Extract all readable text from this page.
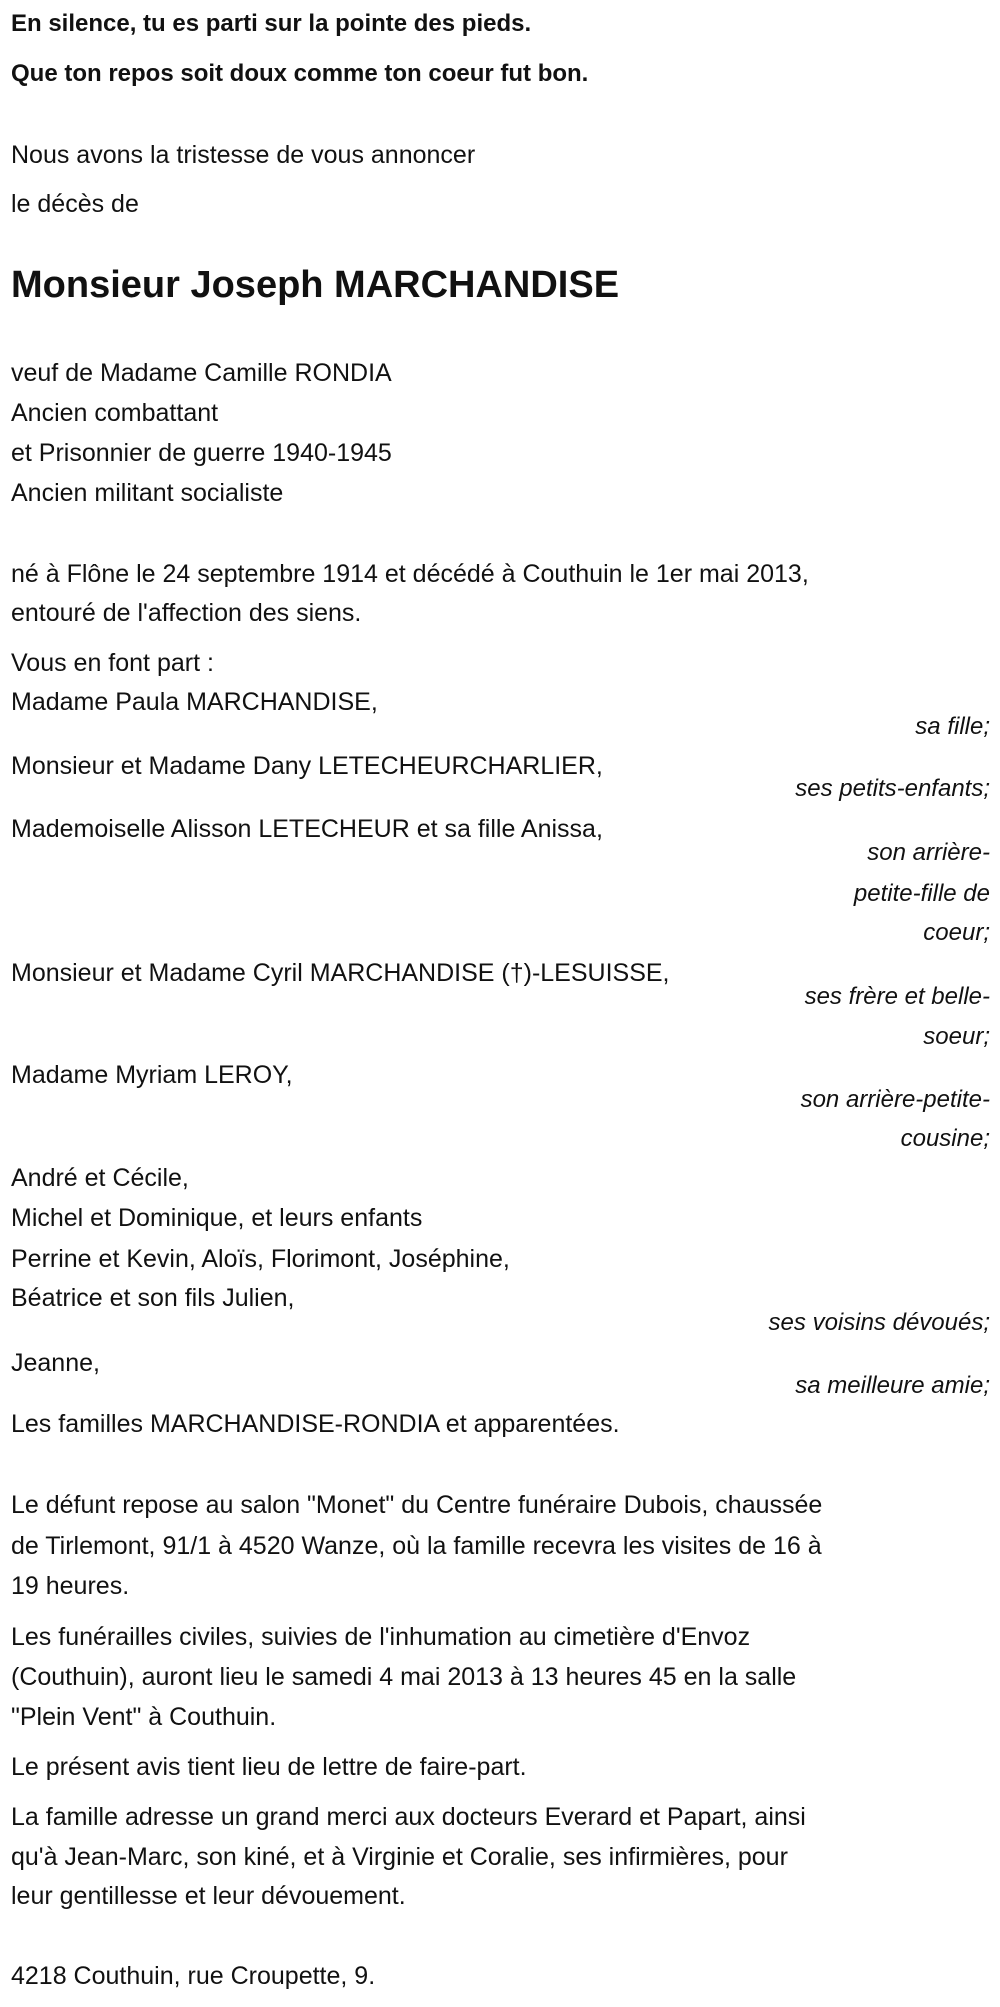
En silence, tu es parti sur la pointe des pieds.
Que ton repos soit doux comme ton coeur fut bon.
Nous avons la tristesse de vous annoncer
le décès de
Monsieur Joseph MARCHANDISE
veuf de Madame Camille RONDIA
Ancien combattant
et Prisonnier de guerre 1940-1945
Ancien militant socialiste
né à Flône le 24 septembre 1914 et décédé à Couthuin le 1er mai 2013,
entouré de l'affection des siens.
Vous en font part :
Madame Paula MARCHANDISE,
sa fille;
Monsieur et Madame Dany LETECHEURCHARLIER,
ses petits-enfants;
Mademoiselle Alisson LETECHEUR et sa fille Anissa,
son arrière-
petite-fille de
coeur;
Monsieur et Madame Cyril MARCHANDISE (†)-LESUISSE,
ses frère et belle-
soeur;
Madame Myriam LEROY,
son arrière-petite-
cousine;
André et Cécile,
Michel et Dominique, et leurs enfants
Perrine et Kevin, Aloïs, Florimont, Joséphine,
Béatrice et son fils Julien,
ses voisins dévoués;
Jeanne,
sa meilleure amie;
Les familles MARCHANDISE-RONDIA et apparentées.
Le défunt repose au salon "Monet" du Centre funéraire Dubois, chaussée
de Tirlemont, 91/1 à 4520 Wanze, où la famille recevra les visites de 16 à
19 heures.
Les funérailles civiles, suivies de l'inhumation au cimetière d'Envoz
(Couthuin), auront lieu le samedi 4 mai 2013 à 13 heures 45 en la salle
"Plein Vent" à Couthuin.
Le présent avis tient lieu de lettre de faire-part.
La famille adresse un grand merci aux docteurs Everard et Papart, ainsi
qu'à Jean-Marc, son kiné, et à Virginie et Coralie, ses infirmières, pour
leur gentillesse et leur dévouement.
4218 Couthuin, rue Croupette, 9.
